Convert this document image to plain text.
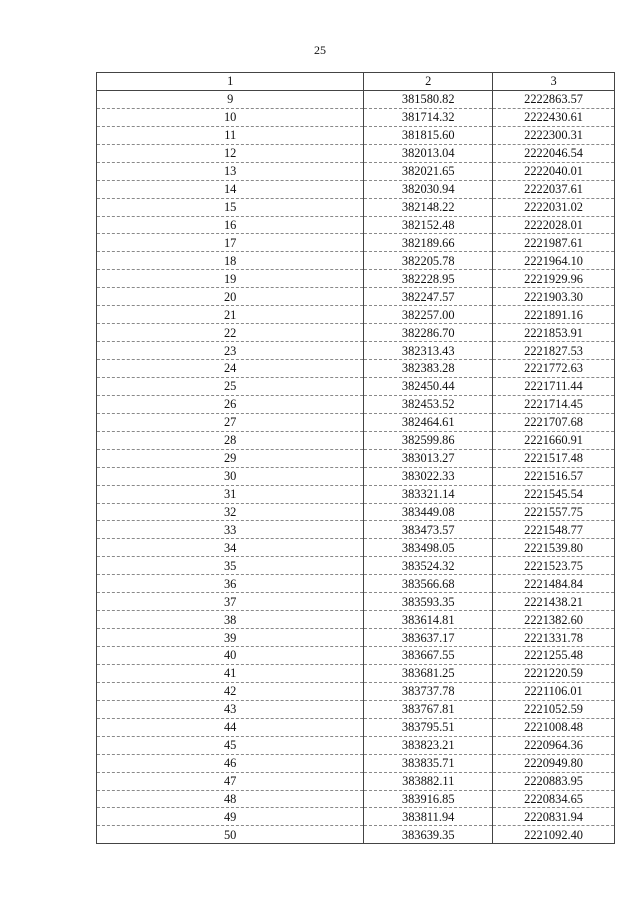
25
1	2	3
9	381580.82	2222863.57
10	381714.32	2222430.61
11	381815.60	2222300.31
12	382013.04	2222046.54
13	382021.65	2222040.01
14	382030.94	2222037.61
15	382148.22	2222031.02
16	382152.48	2222028.01
17	382189.66	2221987.61
18	382205.78	2221964.10
19	382228.95	2221929.96
20	382247.57	2221903.30
21	382257.00	2221891.16
22	382286.70	2221853.91
23	382313.43	2221827.53
24	382383.28	2221772.63
25	382450.44	2221711.44
26	382453.52	2221714.45
27	382464.61	2221707.68
28	382599.86	2221660.91
29	383013.27	2221517.48
30	383022.33	2221516.57
31	383321.14	2221545.54
32	383449.08	2221557.75
33	383473.57	2221548.77
34	383498.05	2221539.80
35	383524.32	2221523.75
36	383566.68	2221484.84
37	383593.35	2221438.21
38	383614.81	2221382.60
39	383637.17	2221331.78
40	383667.55	2221255.48
41	383681.25	2221220.59
42	383737.78	2221106.01
43	383767.81	2221052.59
44	383795.51	2221008.48
45	383823.21	2220964.36
46	383835.71	2220949.80
47	383882.11	2220883.95
48	383916.85	2220834.65
49	383811.94	2220831.94
50	383639.35	2221092.40
